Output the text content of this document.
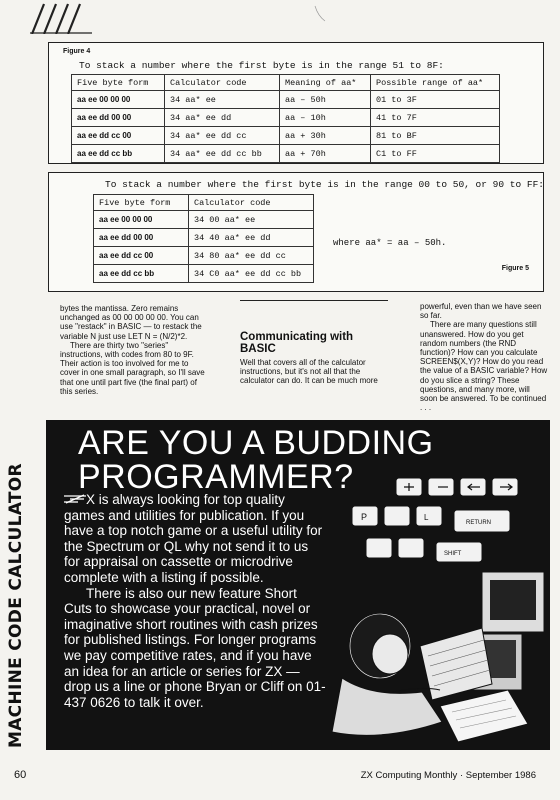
MACHINE CODE CALCULATOR
Figure 4
To stack a number where the first byte is in the range 51 to 8F:
Five byte form	Calculator code	Meaning of aa*	Possible range of aa*
aa ee 00 00 00	34 aa* ee	aa – 50h	01 to 3F
aa ee dd 00 00	34 aa* ee dd	aa – 10h	41 to 7F
aa ee dd cc 00	34 aa* ee dd cc	aa + 30h	81 to BF
aa ee dd cc bb	34 aa* ee dd cc bb	aa + 70h	C1 to FF
To stack a number where the first byte is in the range 00 to 50, or 90 to FF:
Five byte form	Calculator code
aa ee 00 00 00	34 00 aa* ee
aa ee dd 00 00	34 40 aa* ee dd
aa ee dd cc 00	34 80 aa* ee dd cc
aa ee dd cc bb	34 C0 aa* ee dd cc bb
where aa* = aa – 50h.
Figure 5

bytes the mantissa. Zero remains unchanged as 00 00 00 00 00. You can use "restack" in BASIC — to restack the variable N just use LET N = (N/2)*2.

There are thirty two "series" instructions, with codes from 80 to 9F. Their action is too involved for me to cover in one small paragraph, so I'll save that one until part five (the final part) of this series.

Communicating with BASIC

Well that covers all of the calculator instructions, but it's not all that the calculator can do. It can be much more

powerful, even than we have seen so far.

There are many questions still unanswered. How do you get random numbers (the RND function)? How can you calculate SCREEN$(X,Y)? How do you read the value of a BASIC variable? How do you slice a string? These questions, and many more, will soon be answered. To be continued . . .

ARE YOU A BUDDING
PROGRAMMER?

X is always looking for top quality games and utilities for publication. If you have a top notch game or a useful utility for the Spectrum or QL why not send it to us for appraisal on cassette or microdrive complete with a listing if possible.

There is also our new feature Short Cuts to showcase your practical, novel or imaginative short routines with cash prizes for published listings. For longer programs we pay competitive rates, and if you have an idea for an article or series for ZX — drop us a line or phone Bryan or Cliff on 01-437 0626 to talk it over.

P
RETURN
SHIFT
L
60	ZX Computing Monthly · September 1986
